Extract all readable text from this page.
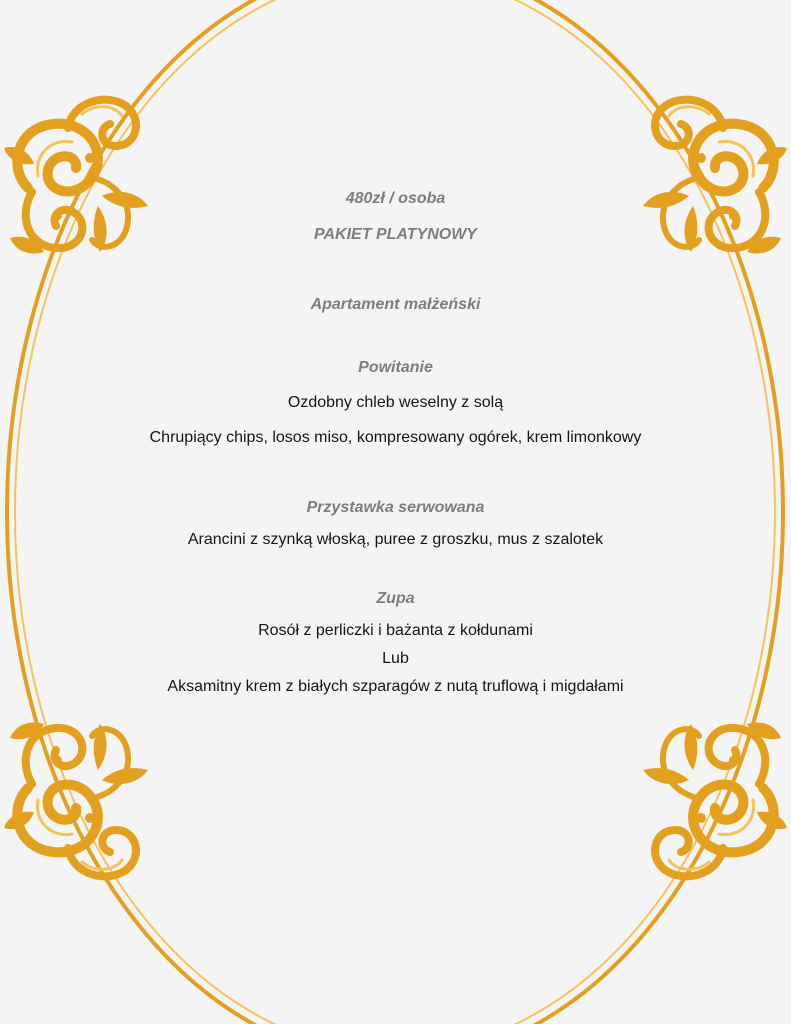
480zł / osoba
PAKIET PLATYNOWY
Apartament małżeński
Powitanie
Ozdobny chleb weselny z solą
Chrupiący chips, losos miso, kompresowany ogórek, krem limonkowy
Przystawka serwowana
Arancini z szynką włoską, puree z groszku, mus z szalotek
Zupa
Rosół z perliczki i bażanta z kołdunami
Lub
Aksamitny krem z białych szparagów z nutą truflową i migdałami
